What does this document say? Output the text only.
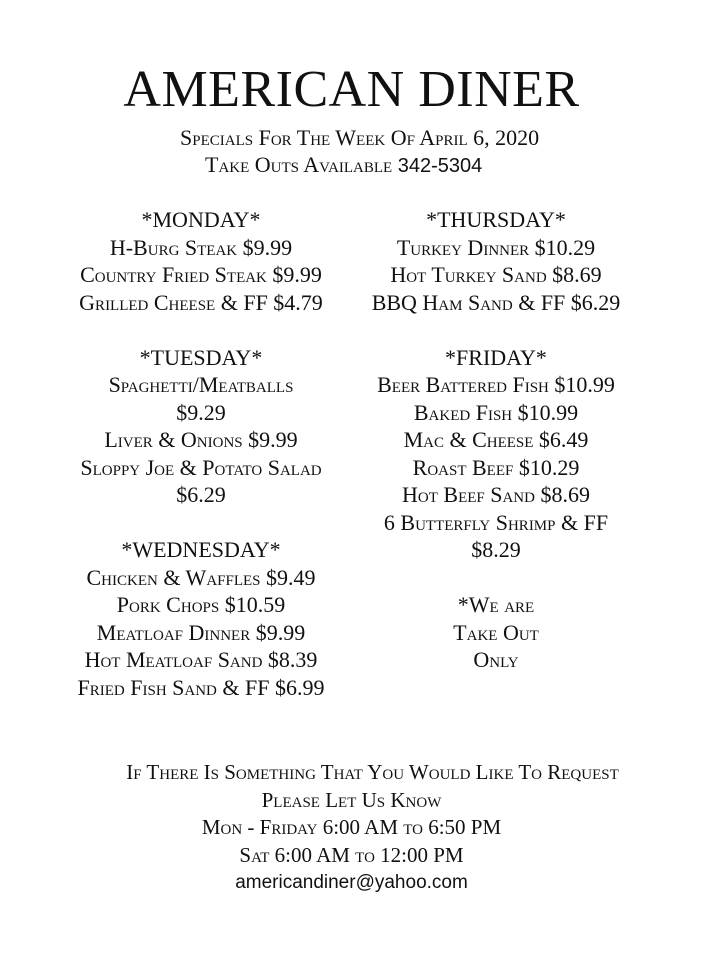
AMERICAN DINER
Specials For The Week Of April 6, 2020
Take Outs Available 342-5304
*MONDAY*
H-Burg Steak $9.99
Country Fried Steak $9.99
Grilled Cheese & FF $4.79
*TUESDAY*
Spaghetti/Meatballs
$9.29
Liver & Onions $9.99
Sloppy Joe & Potato Salad
$6.29
*WEDNESDAY*
Chicken & Waffles $9.49
Pork Chops $10.59
Meatloaf Dinner $9.99
Hot Meatloaf Sand $8.39
Fried Fish Sand & FF $6.99
*THURSDAY*
Turkey Dinner $10.29
Hot Turkey Sand $8.69
BBQ Ham Sand & FF $6.29
*FRIDAY*
Beer Battered Fish $10.99
Baked Fish $10.99
Mac & Cheese $6.49
Roast Beef $10.29
Hot Beef Sand $8.69
6 Butterfly Shrimp & FF
$8.29
*We are
Take Out
Only
If There Is Something That You Would Like To Request
Please Let Us Know
Mon - Friday 6:00 AM to 6:50 PM
Sat 6:00 AM to 12:00 PM
americandiner@yahoo.com
